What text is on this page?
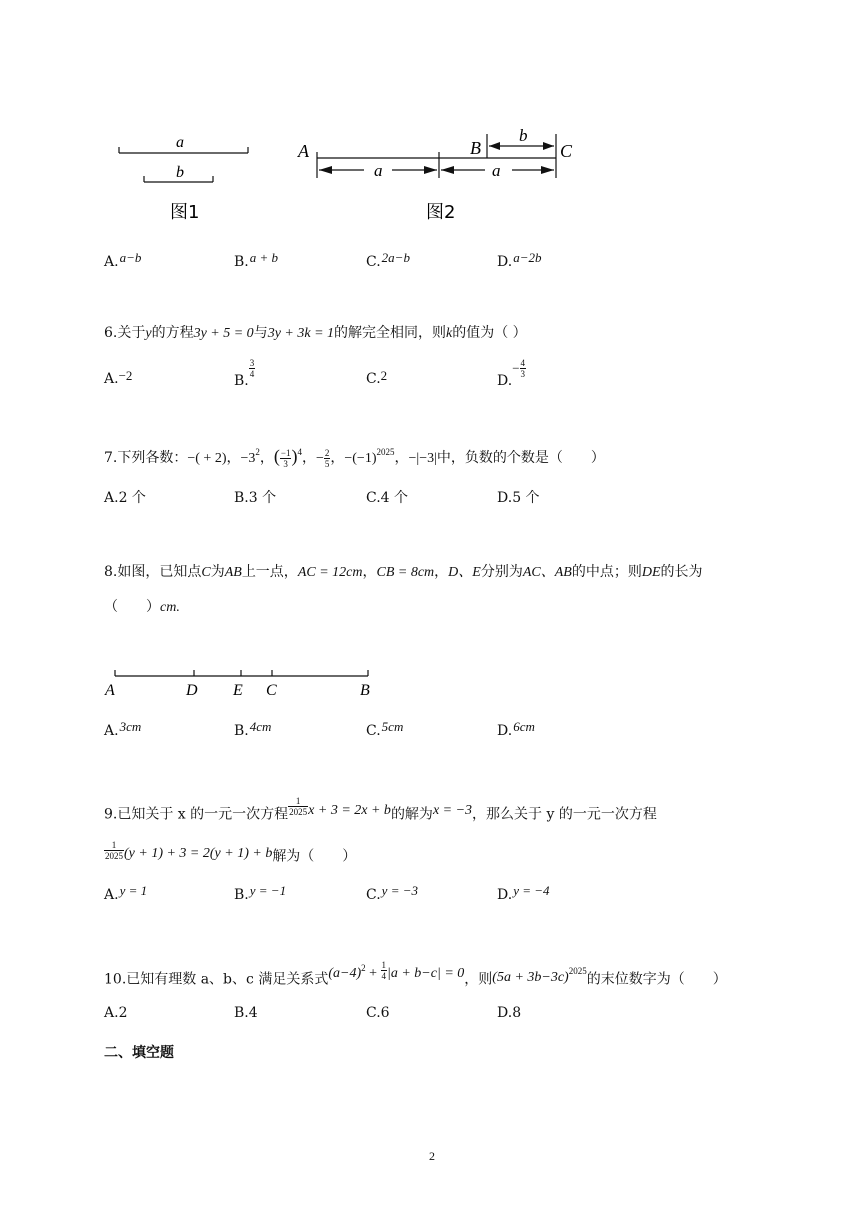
a
b
图1
A	B	C
b
a	a
图2
A.a−b	B.a + b	C.2a−b	D.a−2b
6.关于y的方程3y + 5 = 0与3y + 3k = 1的解完全相同，则k的值为（ ）
A.−2	B.
$\frac{3}{4}$	C.2	$D.- \frac{4}{3}$
7.下列各数：−( + 2)，$-3^2$，( $\frac{-1}{3} )^4$，− $\frac{2}{5}$ ，$-(-1)^{2025}$，−|−3|中，负数的个数是（　　）
A.2 个	B.3 个	C.4 个	D.5 个
8.如图，已知点C为AB上一点，AC = 12cm，CB = 8cm，D、E分别为AC、AB的中点；则DE的长为
（　　）cm.
A	D E C	B
A.3cm	B.4cm	C.5cm	D.6cm
9.已知关于 x 的一元一次方程 $\frac{1}{2025}$ x + 3 = 2x + b的解为x = −3，那么关于 y 的一元一次方程
$\frac{1}{2025} (y + 1) + 3 = 2(y + 1) + b$解为（　　）
A.y = 1	B.y = −1	C.y = −3	D.y = −4
10.已知有理数 a、b、c 满足关系式$(a-4)^2 + \frac{1}{4} |a + b-c| = 0$，则$(5a + 3b-3c)^{2025}$的末位数字为（　　）
A.2	B.4	C.6	D.8
二、填空题
2
